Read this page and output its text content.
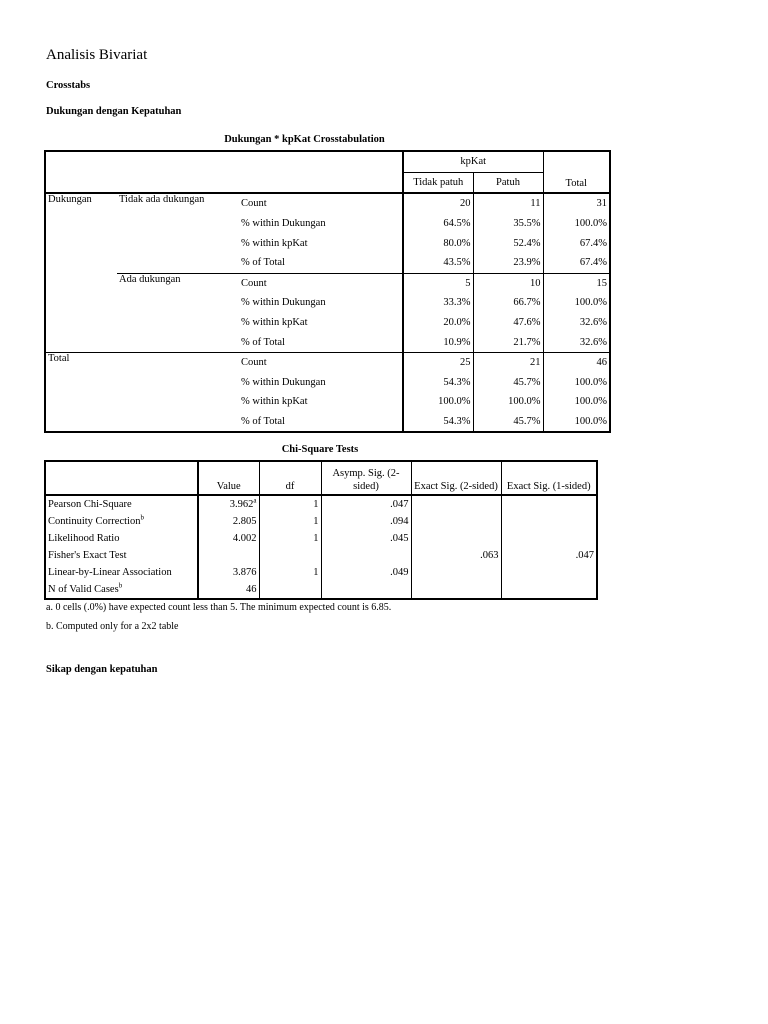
Analisis Bivariat
Crosstabs
Dukungan dengan Kepatuhan
Dukungan * kpKat Crosstabulation
			kpKat		Total
			Tidak patuh	Patuh	
Dukungan	Tidak ada dukungan	Count	20	11	31
		% within Dukungan	64.5%	35.5%	100.0%
		% within kpKat	80.0%	52.4%	67.4%
		% of Total	43.5%	23.9%	67.4%
	Ada dukungan	Count	5	10	15
		% within Dukungan	33.3%	66.7%	100.0%
		% within kpKat	20.0%	47.6%	32.6%
		% of Total	10.9%	21.7%	32.6%
Total		Count	25	21	46
		% within Dukungan	54.3%	45.7%	100.0%
		% within kpKat	100.0%	100.0%	100.0%
		% of Total	54.3%	45.7%	100.0%
Chi-Square Tests
	Value	df	Asymp. Sig. (2-sided)	Exact Sig. (2-sided)	Exact Sig. (1-sided)
Pearson Chi-Square	3.962$^a$	1	.047		
Continuity Correction$^b$	2.805	1	.094		
Likelihood Ratio	4.002	1	.045		
Fisher's Exact Test				.063	.047
Linear-by-Linear Association	3.876	1	.049		
N of Valid Cases$^b$	46				
a. 0 cells (.0%) have expected count less than 5. The minimum expected count is 6.85.
b. Computed only for a 2x2 table
Sikap dengan kepatuhan
